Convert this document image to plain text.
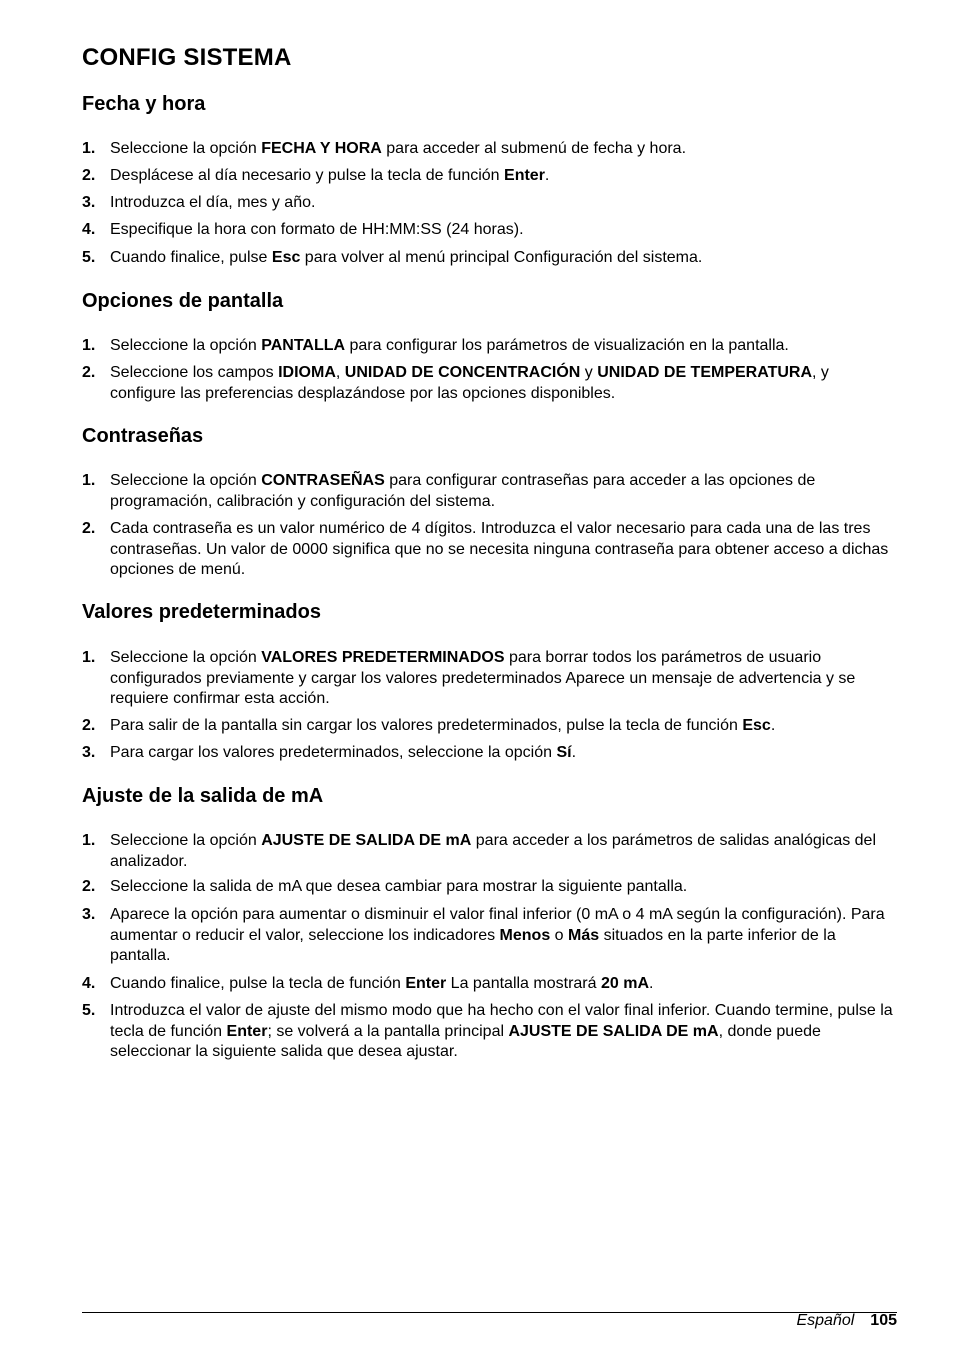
CONFIG SISTEMA
Fecha y hora
1. Seleccione la opción FECHA Y HORA para acceder al submenú de fecha y hora.
2. Desplácese al día necesario y pulse la tecla de función Enter.
3. Introduzca el día, mes y año.
4. Especifique la hora con formato de HH:MM:SS (24 horas).
5. Cuando finalice, pulse Esc para volver al menú principal Configuración del sistema.
Opciones de pantalla
1. Seleccione la opción PANTALLA para configurar los parámetros de visualización en la pantalla.
2. Seleccione los campos IDIOMA, UNIDAD DE CONCENTRACIÓN y UNIDAD DE TEMPERATURA, y configure las preferencias desplazándose por las opciones disponibles.
Contraseñas
1. Seleccione la opción CONTRASEÑAS para configurar contraseñas para acceder a las opciones de programación, calibración y configuración del sistema.
2. Cada contraseña es un valor numérico de 4 dígitos. Introduzca el valor necesario para cada una de las tres contraseñas. Un valor de 0000 significa que no se necesita ninguna contraseña para obtener acceso a dichas opciones de menú.
Valores predeterminados
1. Seleccione la opción VALORES PREDETERMINADOS para borrar todos los parámetros de usuario configurados previamente y cargar los valores predeterminados Aparece un mensaje de advertencia y se requiere confirmar esta acción.
2. Para salir de la pantalla sin cargar los valores predeterminados, pulse la tecla de función Esc.
3. Para cargar los valores predeterminados, seleccione la opción Sí.
Ajuste de la salida de mA
1. Seleccione la opción AJUSTE DE SALIDA DE mA para acceder a los parámetros de salidas analógicas del analizador.
2. Seleccione la salida de mA que desea cambiar para mostrar la siguiente pantalla.
3. Aparece la opción para aumentar o disminuir el valor final inferior (0 mA o 4 mA según la configuración). Para aumentar o reducir el valor, seleccione los indicadores Menos o Más situados en la parte inferior de la pantalla.
4. Cuando finalice, pulse la tecla de función Enter La pantalla mostrará 20 mA.
5. Introduzca el valor de ajuste del mismo modo que ha hecho con el valor final inferior. Cuando termine, pulse la tecla de función Enter; se volverá a la pantalla principal AJUSTE DE SALIDA DE mA, donde puede seleccionar la siguiente salida que desea ajustar.
Español 105
